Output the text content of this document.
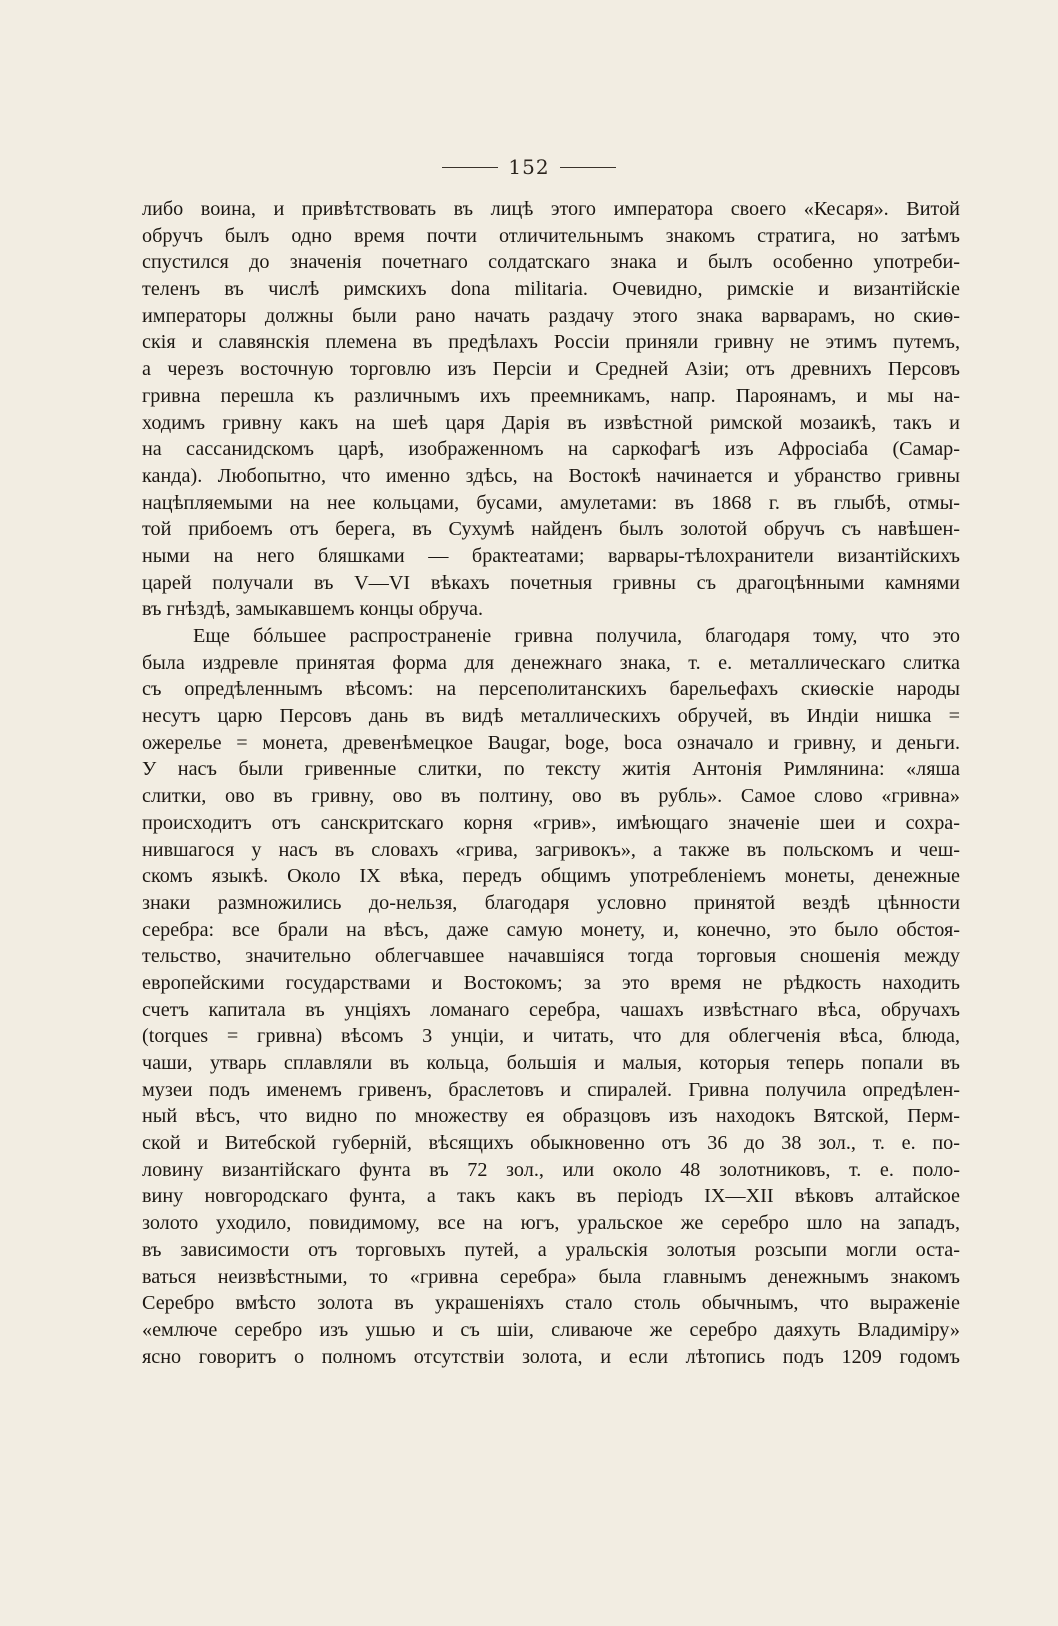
152
либо воина, и привѣтствовать въ лицѣ этого императора своего «Кесаря». Витой
обручъ былъ одно время почти отличительнымъ знакомъ стратига, но затѣмъ
спустился до значенія почетнаго солдатскаго знака и былъ особенно употреби-
теленъ въ числѣ римскихъ dona militaria. Очевидно, римскіе и византійскіе
императоры должны были рано начать раздачу этого знака варварамъ, но скиѳ-
скія и славянскія племена въ предѣлахъ Россіи приняли гривну не этимъ путемъ,
а черезъ восточную торговлю изъ Персіи и Средней Азіи; отъ древнихъ Персовъ
гривна перешла къ различнымъ ихъ преемникамъ, напр. Пароянамъ, и мы на-
ходимъ гривну какъ на шеѣ царя Дарія въ извѣстной римской мозаикѣ, такъ и
на сассанидскомъ царѣ, изображенномъ на саркофагѣ изъ Афросіаба (Самар-
канда). Любопытно, что именно здѣсь, на Востокѣ начинается и убранство гривны
нацѣпляемыми на нее кольцами, бусами, амулетами: въ 1868 г. въ глыбѣ, отмы-
той прибоемъ отъ берега, въ Сухумѣ найденъ былъ золотой обручъ съ навѣшен-
ными на него бляшками — брактеатами; варвары-тѣлохранители византійскихъ
царей получали въ V—VI вѣкахъ почетныя гривны съ драгоцѣнными камнями
въ гнѣздѣ, замыкавшемъ концы обруча.
Еще бóльшее распространеніе гривна получила, благодаря тому, что это
была издревле принятая форма для денежнаго знака, т. е. металлическаго слитка
съ опредѣленнымъ вѣсомъ: на персеполитанскихъ барельефахъ скиѳскіе народы
несутъ царю Персовъ дань въ видѣ металлическихъ обручей, въ Индіи нишка =
ожерелье = монета, древенѣмецкое Baugar, boge, boca означало и гривну, и деньги.
У насъ были гривенные слитки, по тексту житія Антонія Римлянина: «ляша
слитки, ово въ гривну, ово въ полтину, ово въ рубль». Самое слово «гривна»
происходитъ отъ санскритскаго корня «грив», имѣющаго значеніе шеи и сохра-
нившагося у насъ въ словахъ «грива, загривокъ», а также въ польскомъ и чеш-
скомъ языкѣ. Около IX вѣка, передъ общимъ употребленіемъ монеты, денежные
знаки размножились до-нельзя, благодаря условно принятой вездѣ цѣнности
серебра: все брали на вѣсъ, даже самую монету, и, конечно, это было обстоя-
тельство, значительно облегчавшее начавшіяся тогда торговыя сношенія между
европейскими государствами и Востокомъ; за это время не рѣдкость находить
счетъ капитала въ унціяхъ ломанаго серебра, чашахъ извѣстнаго вѣса, обручахъ
(torques = гривна) вѣсомъ 3 унціи, и читать, что для облегченія вѣса, блюда,
чаши, утварь сплавляли въ кольца, большія и малыя, которыя теперь попали въ
музеи подъ именемъ гривенъ, браслетовъ и спиралей. Гривна получила опредѣлен-
ный вѣсъ, что видно по множеству ея образцовъ изъ находокъ Вятской, Перм-
ской и Витебской губерній, вѣсящихъ обыкновенно отъ 36 до 38 зол., т. е. по-
ловину византійскаго фунта въ 72 зол., или около 48 золотниковъ, т. е. поло-
вину новгородскаго фунта, а такъ какъ въ періодъ IX—XII вѣковъ алтайское
золото уходило, повидимому, все на югъ, уральское же серебро шло на западъ,
въ зависимости отъ торговыхъ путей, а уральскія золотыя розсыпи могли оста-
ваться неизвѣстными, то «гривна серебра» была главнымъ денежнымъ знакомъ
Серебро вмѣсто золота въ украшеніяхъ стало столь обычнымъ, что выраженіе
«емлюче серебро изъ ушью и съ шіи, сливаюче же серебро даяхуть Владиміру»
ясно говоритъ о полномъ отсутствіи золота, и если лѣтопись подъ 1209 годомъ
